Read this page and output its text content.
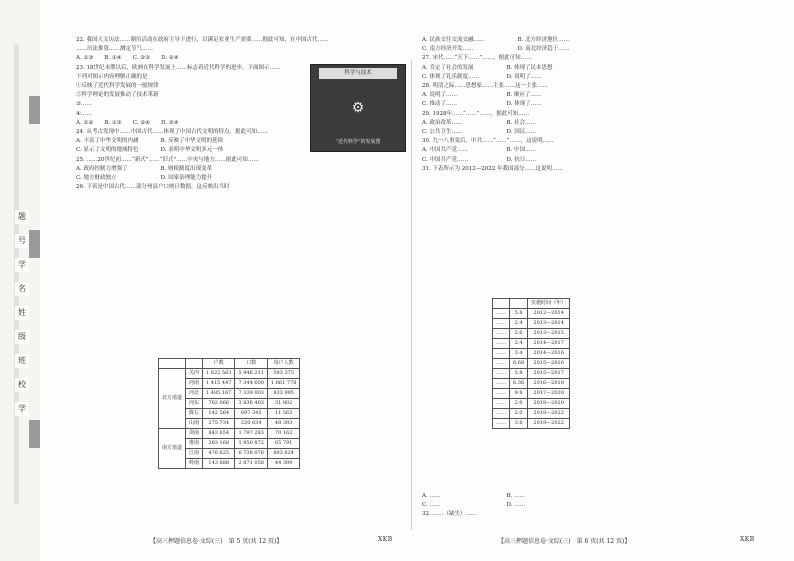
题
号
学
名
姓
级
班
校
学

22. 我国天文历法……制历活动在政府主导下进行，以满足农业生产需要……据此可知，在中国古代……

……历法推算……测定节气……

A. ①③　　B. ①④　　C. ②③　　D. ②④

科学与技术
⚙
“近代科学”的发展图

23. 18世纪末期以后，欧洲在科学发展上……标志着近代科学的进步，下面图示……

下列对图示内容理解正确的是

①反映了近代科学发展的一般规律

②科学理论的发展推动了技术革新

③……

④……

A. ①②　　B. ①③　　C. ②④　　D. ③④

24. 从考古发现中……中国古代……体现了中国古代文明的特点。据此可知……

A. 丰富了中华文明的内涵　　　　B. 反映了中华文明的延续

C. 显示了文明的地域特色　　　　D. 表明中华文明多元一体

25. ……20世纪初……“新式”……“旧式”……中央与地方……据此可知……

A. 政府控制力增强了　　　　　　B. 财税制度出现变革

C. 地方财政独立　　　　　　　　D. 国家治理能力提升

26. 下表是中国古代……部分州县户口统计数据，这反映出当时

		户数	口数	每户人数
北方诸道	关内	1 822 563	5 946 211	593 375
	河南	1 415 447	7 344 600	1 661 778
	河北	1 485 167	7 339 003	833 995
	河东	702 066	3 836 403	31 802
	陇右	142 564	697 345	11 562
	山南	275 734	220 034	48 393
南方诸道	剑南	843 654	1 797 283	70 162
	淮南	393 168	1 950 872	65 791
	江南	476 625	6 738 076	803 624
	岭南	143 688	2 871 058	44 399
【高三押题信息卷·文综(三)　第 5 页(共 12 页)】	XKB

A. 民族交往交流交融……　　　　　　B. 北方经济地位……

C. 南方经济开发……　　　　　　　　D. 南北经济趋于……

27. 宋代……“天下……”……，据此可知……

A. 肯定了社会的发展　　　　　　B. 体现了民本思想

C. 体现了礼乐制度……　　　　　D. 说明了……

28. 明清之际……思想家……主张……这一主张……

A. 说明了……　　　　　　　　　B. 顺应了……

C. 推动了……　　　　　　　　　D. 体现了……

29. 1928年……“……”……，据此可知……

A. 政治改革……　　　　　　　　B. 社会……

C. 公共卫生……　　　　　　　　D. 国民……

30. 九一八事变后，中共……“……”……，这说明……

A. 中国共产党……　　　　　　　B. 中国……

C. 中国共产党……　　　　　　　D. 抗日……

31. 下表所示为 2012—2022 年我国部分……这说明……

		实施时间（年）
……	5.8	2012—2014
……	2.4	2013—2014
……	2.6	2013—2015
……	2.4	2014—2017
……	3.4	2014—2016
……	6.68	2015—2016
……	5.8	2015—2017
……	6.36	2016—2018
……	9.8	2017—2020
……	2.0	2018—2020
……	2.0	2018—2022
……	3.6	2019—2022

A. ……　　　　　　　　　　　　B. ……

C. ……　　　　　　　　　　　　D. ……

32. ……（缺失）……

【高三押题信息卷·文综(三)　第 6 页(共 12 页)】	XKB
